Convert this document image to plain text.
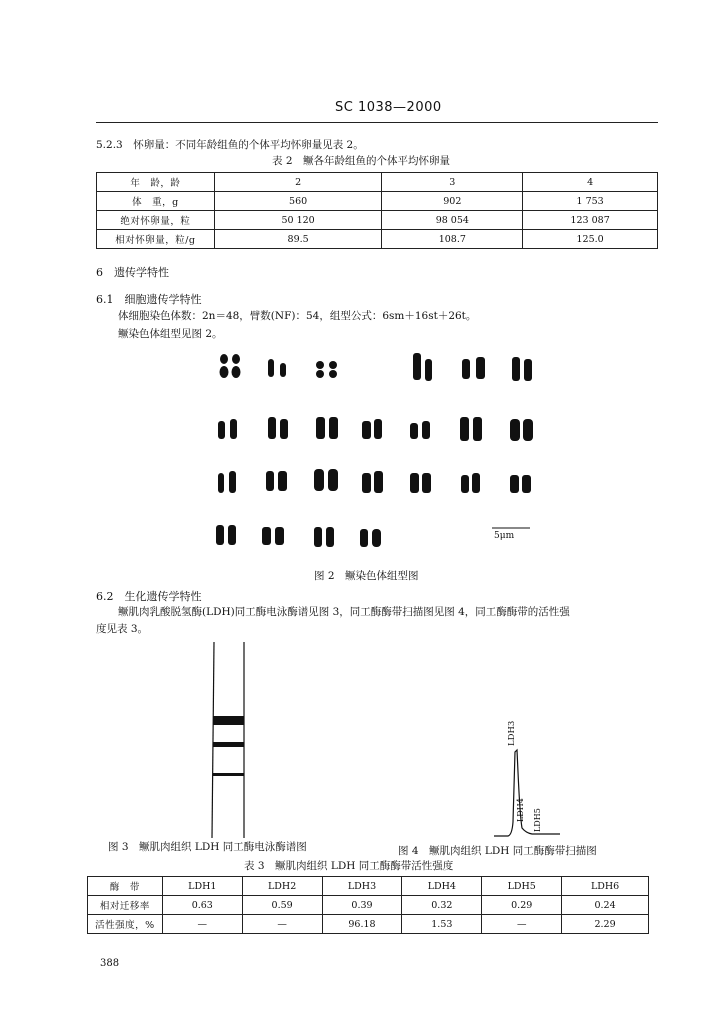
SC 1038—2000
5.2.3　怀卵量：不同年龄组鱼的个体平均怀卵量见表 2。
表 2　鳜各年龄组鱼的个体平均怀卵量
年　龄，龄	2	3	4
体　重，g	560	902	1 753
绝对怀卵量，粒	50 120	98 054	123 087
相对怀卵量，粒/g	89.5	108.7	125.0
6　遗传学特性
6.1　细胞遗传学特性
体细胞染色体数：2n＝48，臂数(NF)：54，组型公式：6sm＋16st＋26t。
鳜染色体组型见图 2。
5μm
图 2　鳜染色体组型图
6.2　生化遗传学特性
鳜肌肉乳酸脱氢酶(LDH)同工酶电泳酶谱见图 3，同工酶酶带扫描图见图 4，同工酶酶带的活性强
度见表 3。
LDH3
LDH4 LDH5
图 3　鳜肌肉组织 LDH 同工酶电泳酶谱图	图 4　鳜肌肉组织 LDH 同工酶酶带扫描图
表 3　鳜肌肉组织 LDH 同工酶酶带活性强度
酶　带	LDH1	LDH2	LDH3	LDH4	LDH5	LDH6
相对迁移率	0.63	0.59	0.39	0.32	0.29	0.24
活性强度，%	—	—	96.18	1.53	—	2.29
388
